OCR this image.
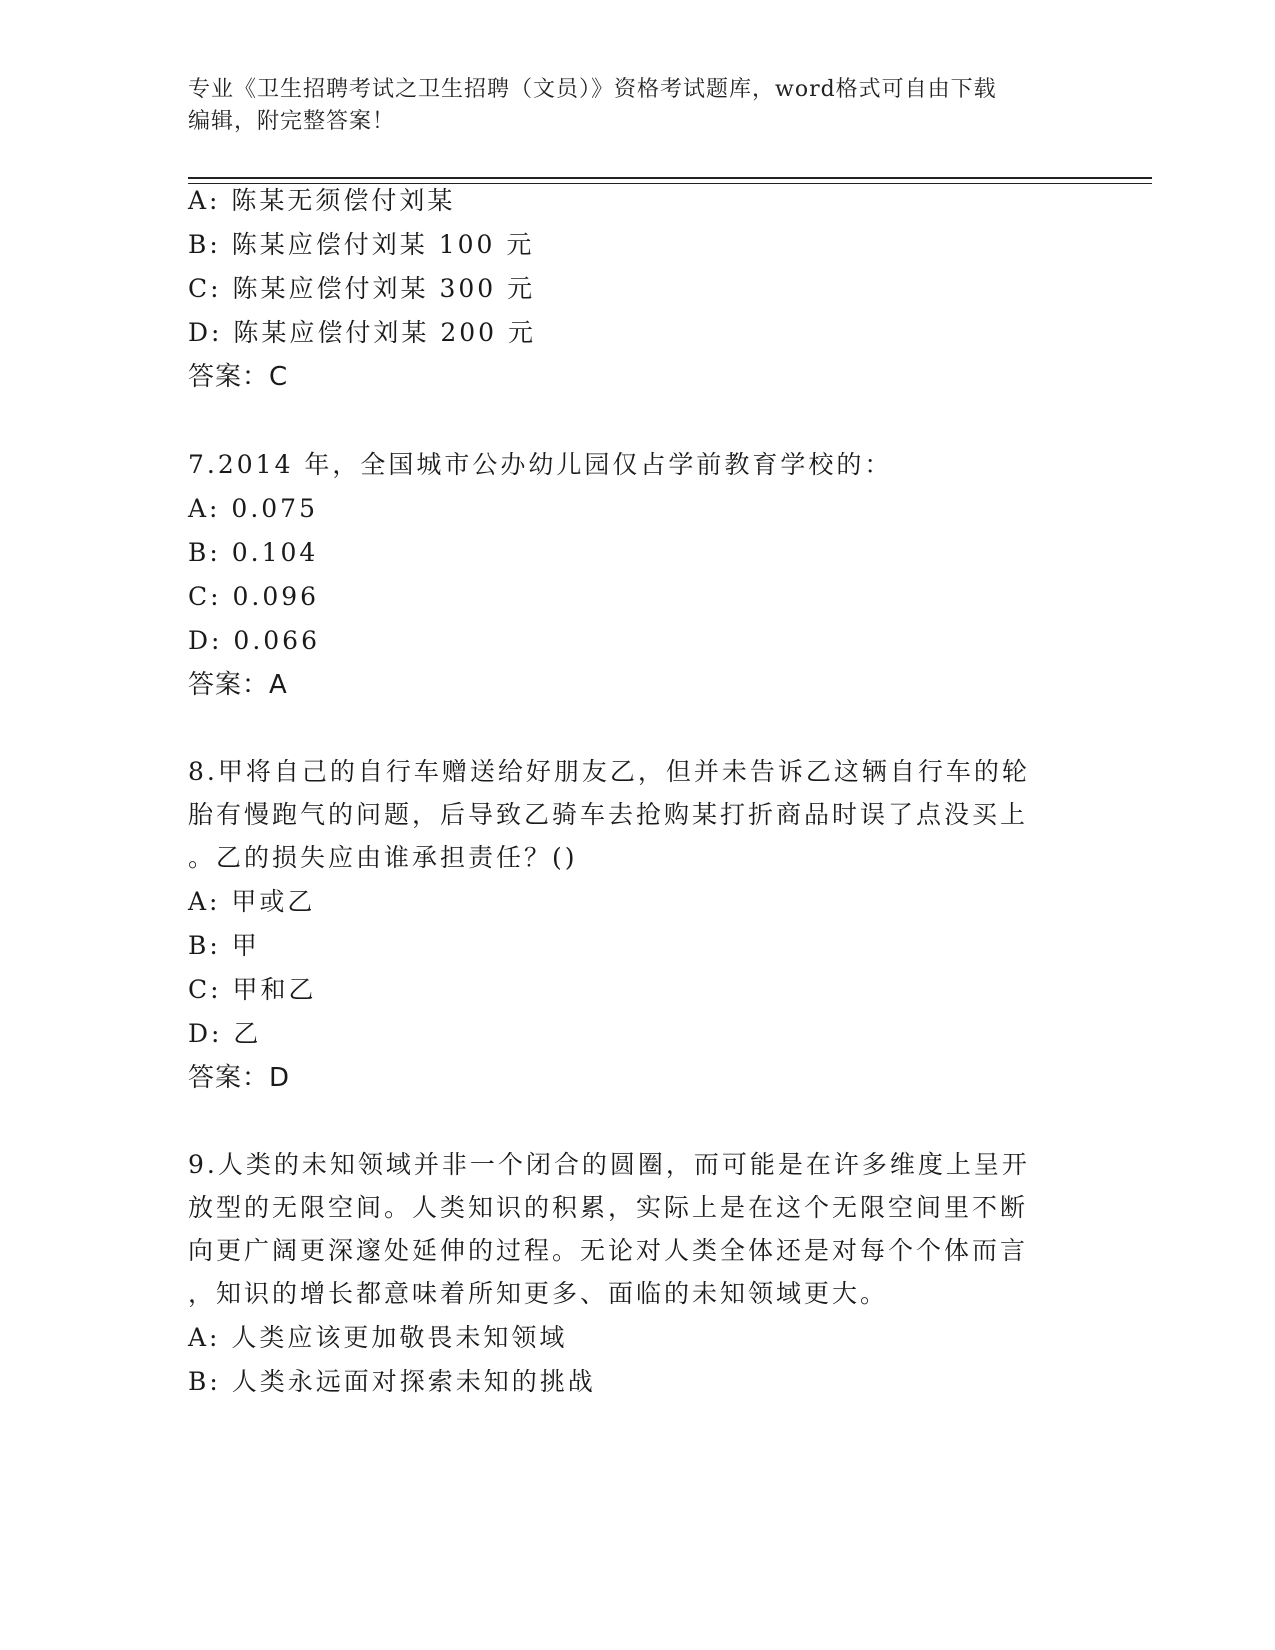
专业《卫生招聘考试之卫生招聘（文员）》资格考试题库，word格式可自由下载
编辑，附完整答案！
A: 陈某无须偿付刘某
B: 陈某应偿付刘某 100 元
C: 陈某应偿付刘某 300 元
D: 陈某应偿付刘某 200 元
答案：C
7.2014 年，全国城市公办幼儿园仅占学前教育学校的：
A: 0.075
B: 0.104
C: 0.096
D: 0.066
答案：A
8.甲将自己的自行车赠送给好朋友乙，但并未告诉乙这辆自行车的轮
胎有慢跑气的问题，后导致乙骑车去抢购某打折商品时误了点没买上
。乙的损失应由谁承担责任？()
A: 甲或乙
B: 甲
C: 甲和乙
D: 乙
答案：D
9.人类的未知领域并非一个闭合的圆圈，而可能是在许多维度上呈开
放型的无限空间。人类知识的积累，实际上是在这个无限空间里不断
向更广阔更深邃处延伸的过程。无论对人类全体还是对每个个体而言
，知识的增长都意味着所知更多、面临的未知领域更大。
A: 人类应该更加敬畏未知领域
B: 人类永远面对探索未知的挑战
